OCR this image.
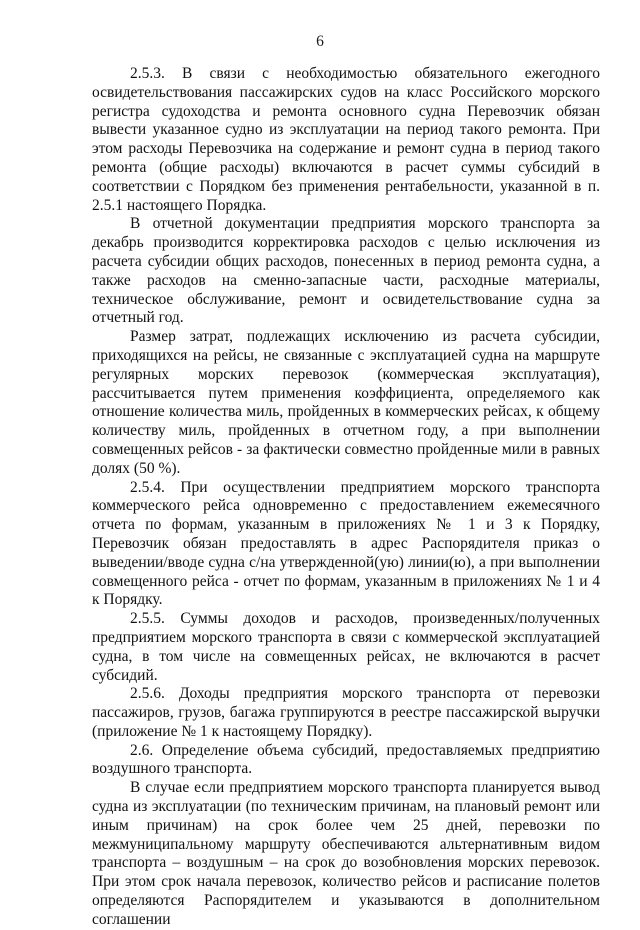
6

2.5.3. В связи с необходимостью обязательного ежегодного освидетельствования пассажирских судов на класс Российского морского регистра судоходства и ремонта основного судна Перевозчик обязан вывести указанное судно из эксплуатации на период такого ремонта. При этом расходы Перевозчика на содержание и ремонт судна в период такого ремонта (общие расходы) включаются в расчет суммы субсидий в соответствии с Порядком без применения рентабельности, указанной в п. 2.5.1 настоящего Порядка.

В отчетной документации предприятия морского транспорта за декабрь производится корректировка расходов с целью исключения из расчета субсидии общих расходов, понесенных в период ремонта судна, а также расходов на сменно-запасные части, расходные материалы, техническое обслуживание, ремонт и освидетельствование судна за отчетный год.

Размер затрат, подлежащих исключению из расчета субсидии, приходящихся на рейсы, не связанные с эксплуатацией судна на маршруте регулярных морских перевозок (коммерческая эксплуатация), рассчитывается путем применения коэффициента, определяемого как отношение количества миль, пройденных в коммерческих рейсах, к общему количеству миль, пройденных в отчетном году, а при выполнении совмещенных рейсов - за фактически совместно пройденные мили в равных долях (50 %).

2.5.4. При осуществлении предприятием морского транспорта коммерческого рейса одновременно с предоставлением ежемесячного отчета по формам, указанным в приложениях № 1 и 3 к Порядку, Перевозчик обязан предоставлять в адрес Распорядителя приказ о выведении/вводе судна с/на утвержденной(ую) линии(ю), а при выполнении совмещенного рейса - отчет по формам, указанным в приложениях № 1 и 4 к Порядку.

2.5.5. Суммы доходов и расходов, произведенных/полученных предприятием морского транспорта в связи с коммерческой эксплуатацией судна, в том числе на совмещенных рейсах, не включаются в расчет субсидий.

2.5.6. Доходы предприятия морского транспорта от перевозки пассажиров, грузов, багажа группируются в реестре пассажирской выручки (приложение № 1 к настоящему Порядку).

2.6. Определение объема субсидий, предоставляемых предприятию воздушного транспорта.

В случае если предприятием морского транспорта планируется вывод судна из эксплуатации (по техническим причинам, на плановый ремонт или иным причинам) на срок более чем 25 дней, перевозки по межмуниципальному маршруту обеспечиваются альтернативным видом транспорта – воздушным – на срок до возобновления морских перевозок. При этом срок начала перевозок, количество рейсов и расписание полетов определяются Распорядителем и указываются в дополнительном соглашении
